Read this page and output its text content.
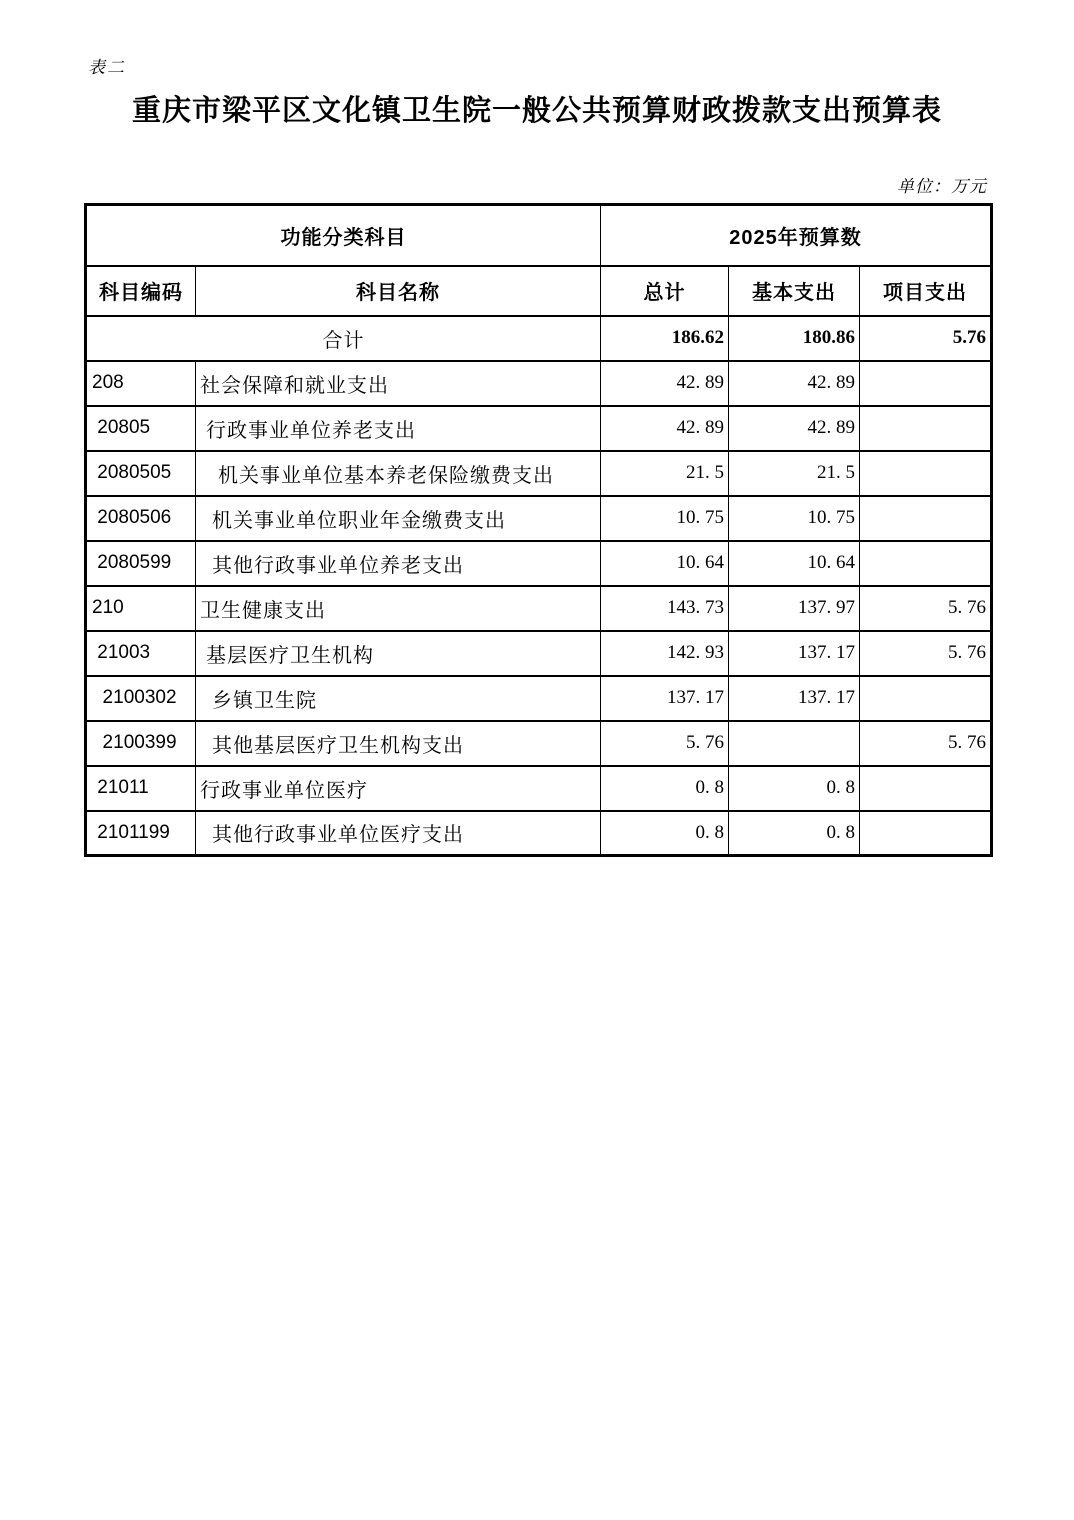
表二
重庆市梁平区文化镇卫生院一般公共预算财政拨款支出预算表
单位：万元
功能分类科目		2025年预算数		
科目编码	科目名称	总计	基本支出	项目支出
合计		186.62	180.86	5.76
208	社会保障和就业支出	42. 89	42. 89	
20805	行政事业单位养老支出	42. 89	42. 89	
2080505	机关事业单位基本养老保险缴费支出	21. 5	21. 5	
2080506	机关事业单位职业年金缴费支出	10. 75	10. 75	
2080599	其他行政事业单位养老支出	10. 64	10. 64	
210	卫生健康支出	143. 73	137. 97	5. 76
21003	基层医疗卫生机构	142. 93	137. 17	5. 76
2100302	乡镇卫生院	137. 17	137. 17	
2100399	其他基层医疗卫生机构支出	5. 76		5. 76
21011	行政事业单位医疗	0. 8	0. 8	
2101199	其他行政事业单位医疗支出	0. 8	0. 8	
